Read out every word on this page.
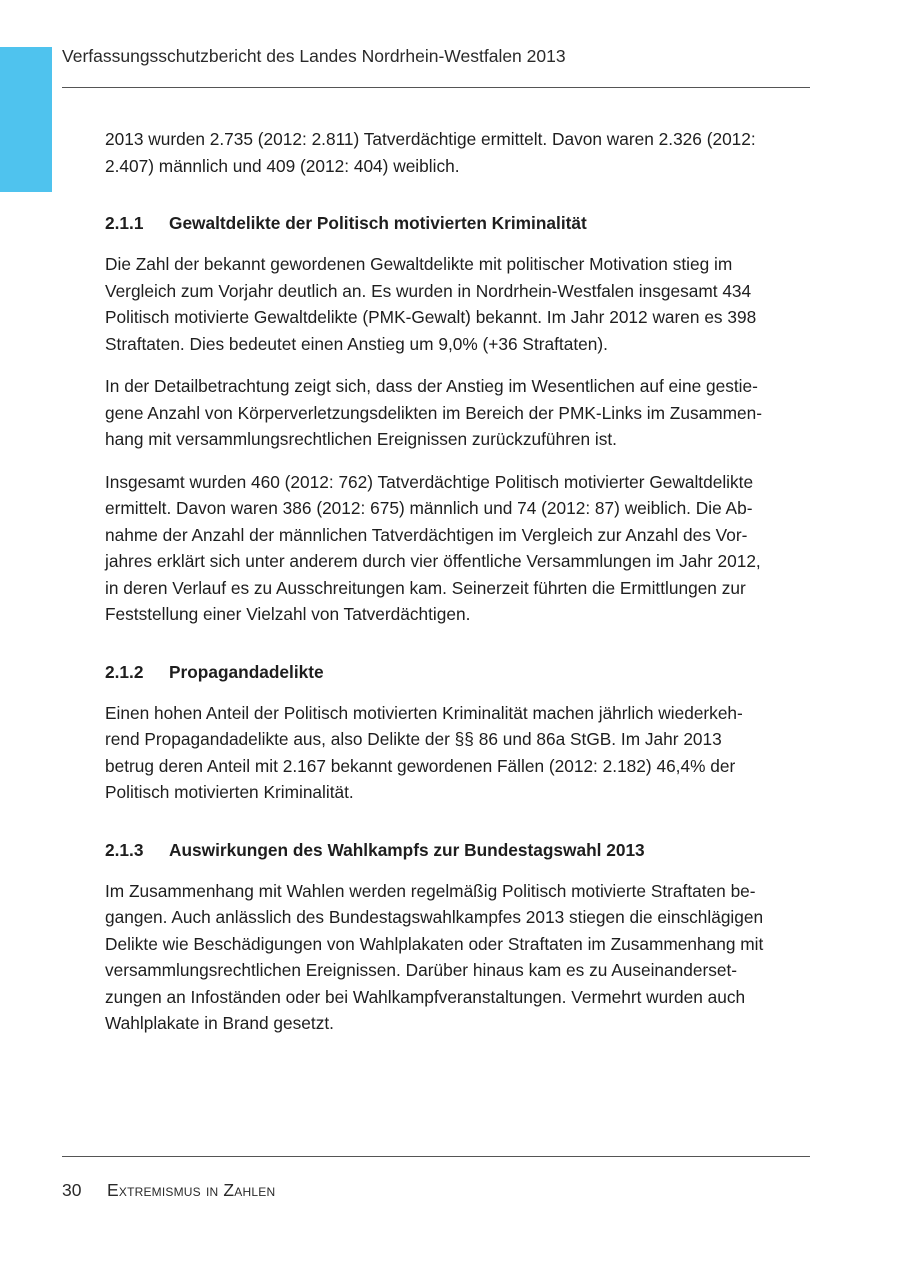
Verfassungsschutzbericht des Landes Nordrhein-Westfalen 2013

2013 wurden 2.735 (2012: 2.811) Tatverdächtige ermittelt. Davon waren 2.326 (2012:
2.407) männlich und 409 (2012: 404) weiblich.

2.1.1 Gewaltdelikte der Politisch motivierten Kriminalität

Die Zahl der bekannt gewordenen Gewaltdelikte mit politischer Motivation stieg im
Vergleich zum Vorjahr deutlich an. Es wurden in Nordrhein-Westfalen insgesamt 434
Politisch motivierte Gewaltdelikte (PMK-Gewalt) bekannt. Im Jahr 2012 waren es 398
Straftaten. Dies bedeutet einen Anstieg um 9,0% (+36 Straftaten).

In der Detailbetrachtung zeigt sich, dass der Anstieg im Wesentlichen auf eine gestie-
gene Anzahl von Körperverletzungsdelikten im Bereich der PMK-Links im Zusammen-
hang mit versammlungsrechtlichen Ereignissen zurückzuführen ist.

Insgesamt wurden 460 (2012: 762) Tatverdächtige Politisch motivierter Gewaltdelikte
ermittelt. Davon waren 386 (2012: 675) männlich und 74 (2012: 87) weiblich. Die Ab-
nahme der Anzahl der männlichen Tatverdächtigen im Vergleich zur Anzahl des Vor-
jahres erklärt sich unter anderem durch vier öffentliche Versammlungen im Jahr 2012,
in deren Verlauf es zu Ausschreitungen kam. Seinerzeit führten die Ermittlungen zur
Feststellung einer Vielzahl von Tatverdächtigen.

2.1.2 Propagandadelikte

Einen hohen Anteil der Politisch motivierten Kriminalität machen jährlich wiederkeh-
rend Propagandadelikte aus, also Delikte der §§ 86 und 86a StGB. Im Jahr 2013
betrug deren Anteil mit 2.167 bekannt gewordenen Fällen (2012: 2.182) 46,4% der
Politisch motivierten Kriminalität.

2.1.3 Auswirkungen des Wahlkampfs zur Bundestagswahl 2013

Im Zusammenhang mit Wahlen werden regelmäßig Politisch motivierte Straftaten be-
gangen. Auch anlässlich des Bundestagswahlkampfes 2013 stiegen die einschlägigen
Delikte wie Beschädigungen von Wahlplakaten oder Straftaten im Zusammenhang mit
versammlungsrechtlichen Ereignissen. Darüber hinaus kam es zu Auseinanderset-
zungen an Infoständen oder bei Wahlkampfveranstaltungen. Vermehrt wurden auch
Wahlplakate in Brand gesetzt.

30 Extremismus in Zahlen
